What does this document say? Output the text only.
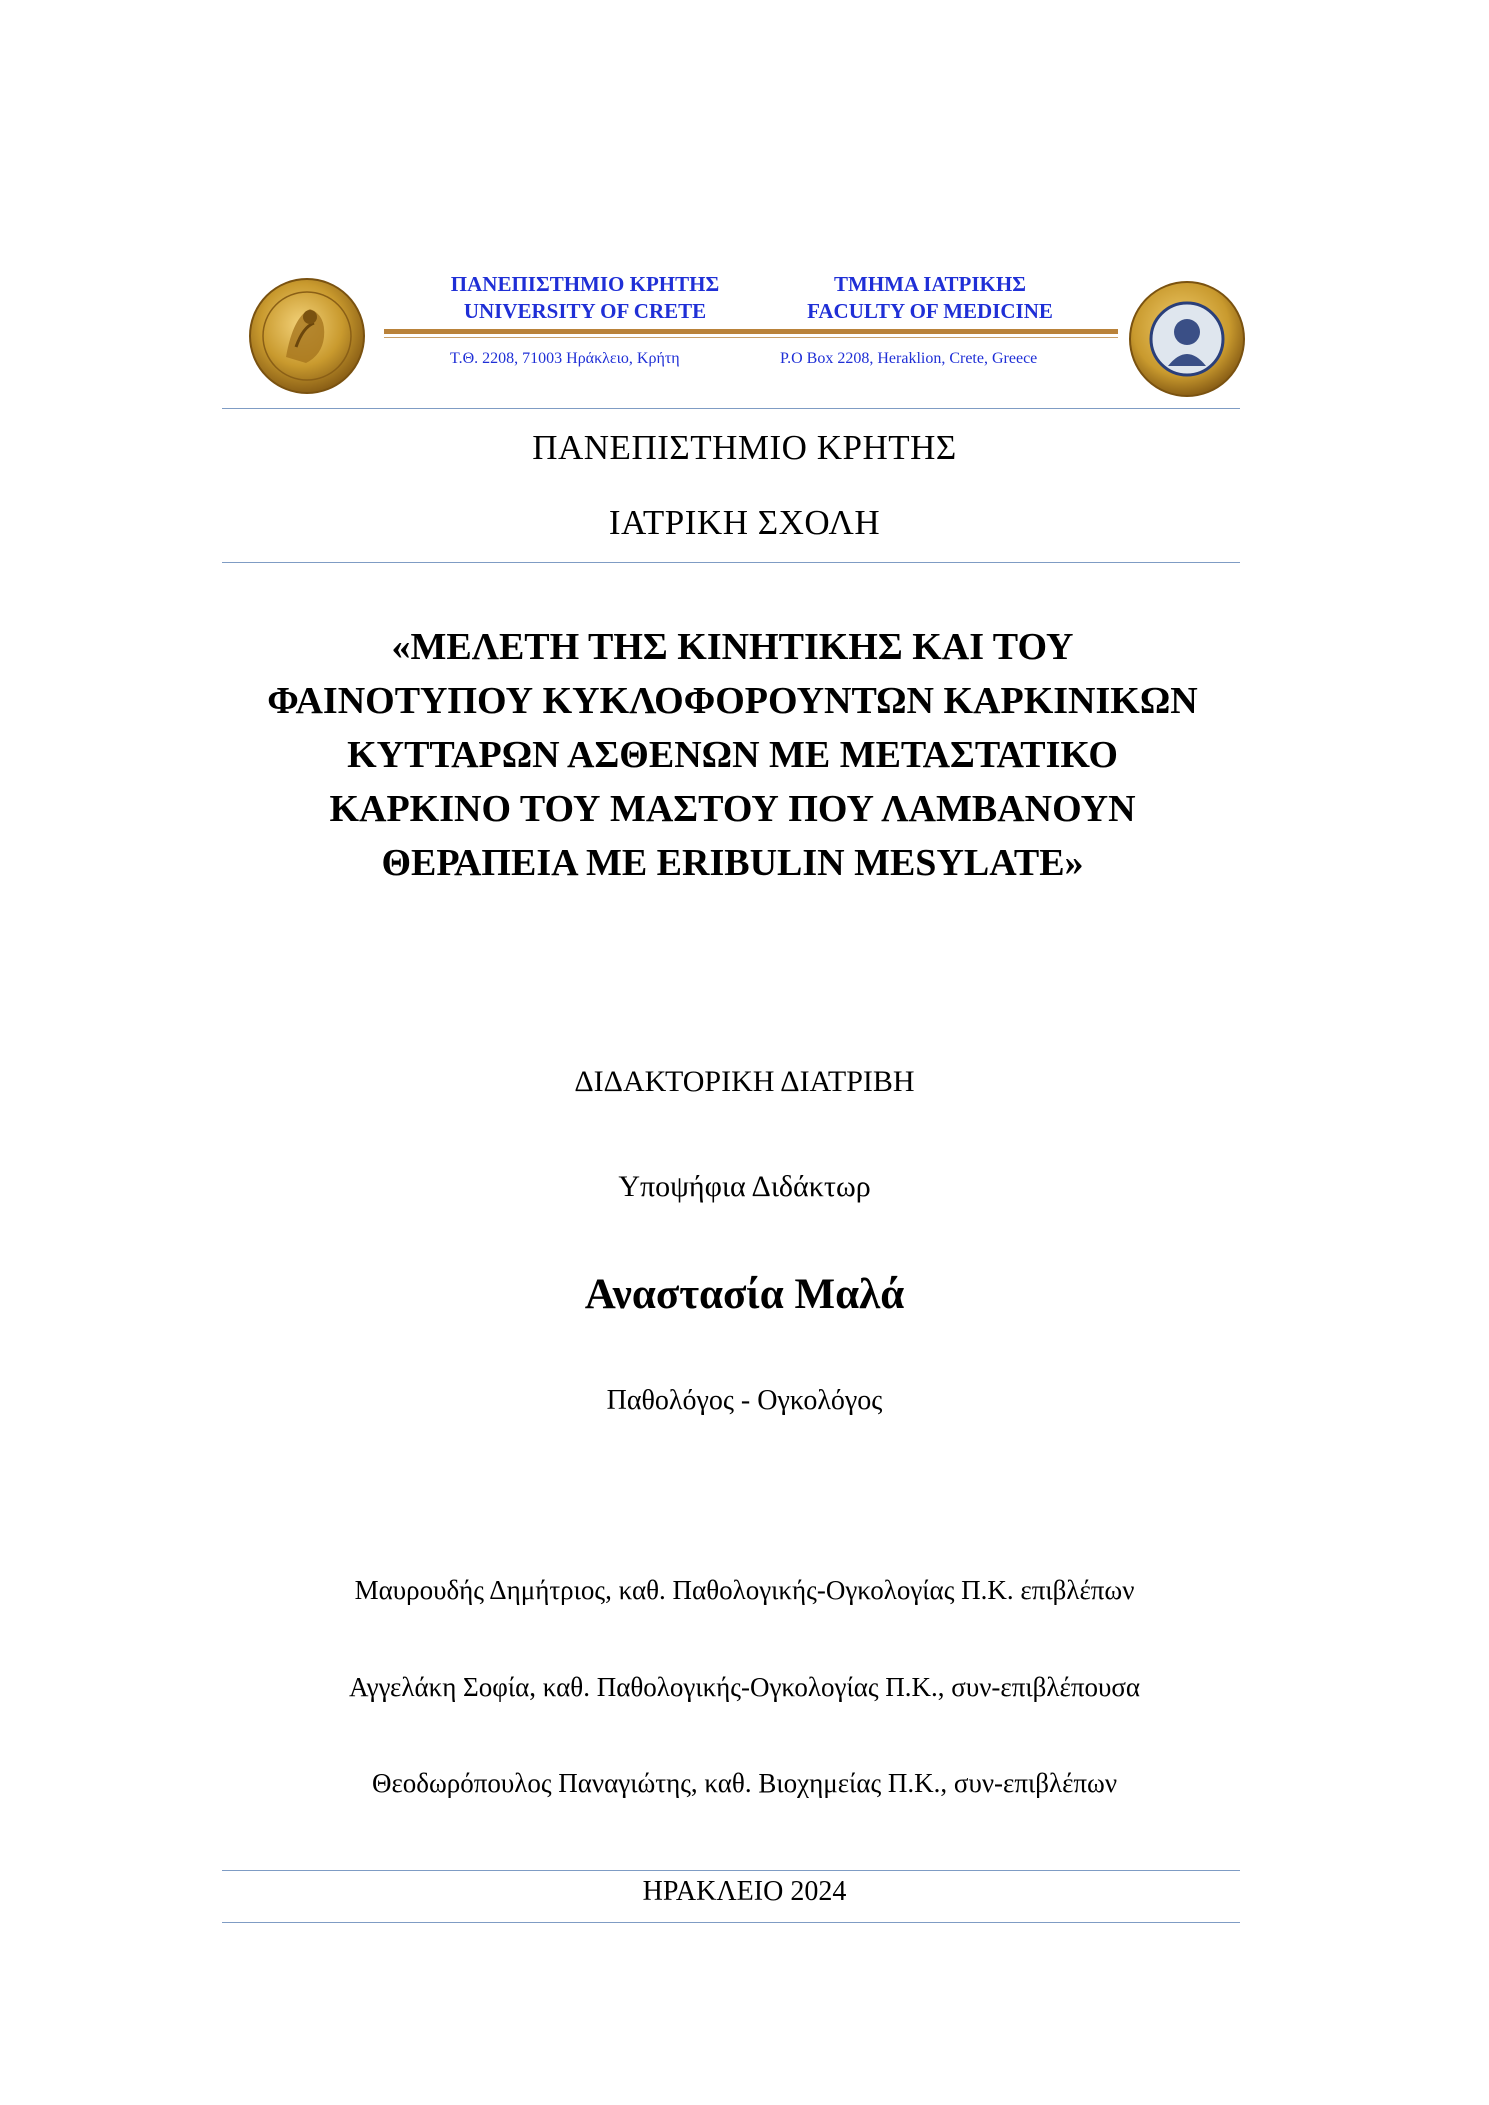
ΠΑΝΕΠΙΣΤΗΜΙΟ ΚΡΗΤΗΣ
UNIVERSITY OF CRETE
ΤΜΗΜΑ ΙΑΤΡΙΚΗΣ
FACULTY OF MEDICINE
Τ.Θ. 2208, 71003 Ηράκλειο, Κρήτη	P.O Box 2208, Heraklion, Crete, Greece
ΠΑΝΕΠΙΣΤΗΜΙΟ ΚΡΗΤΗΣ
ΙΑΤΡΙΚΗ ΣΧΟΛΗ
«ΜΕΛΕΤΗ ΤΗΣ ΚΙΝΗΤΙΚΗΣ ΚΑΙ ΤΟΥ
ΦΑΙΝΟΤΥΠΟΥ ΚΥΚΛΟΦΟΡΟΥΝΤΩΝ ΚΑΡΚΙΝΙΚΩΝ
ΚΥΤΤΑΡΩΝ ΑΣΘΕΝΩΝ ΜΕ ΜΕΤΑΣΤΑΤΙΚΟ
ΚΑΡΚΙΝΟ ΤΟΥ ΜΑΣΤΟΥ ΠΟΥ ΛΑΜΒΑΝΟΥΝ
ΘΕΡΑΠΕΙΑ ΜΕ ERIBULIN MESYLATE»
ΔΙΔΑΚΤΟΡΙΚΗ ΔΙΑΤΡΙΒΗ
Υποψήφια Διδάκτωρ
Αναστασία Μαλά
Παθολόγος - Ογκολόγος
Μαυρουδής Δημήτριος, καθ. Παθολογικής-Ογκολογίας Π.Κ. επιβλέπων
Αγγελάκη Σοφία, καθ. Παθολογικής-Ογκολογίας Π.Κ., συν-επιβλέπουσα
Θεοδωρόπουλος Παναγιώτης, καθ. Βιοχημείας Π.Κ., συν-επιβλέπων
ΗΡΑΚΛΕΙΟ 2024
